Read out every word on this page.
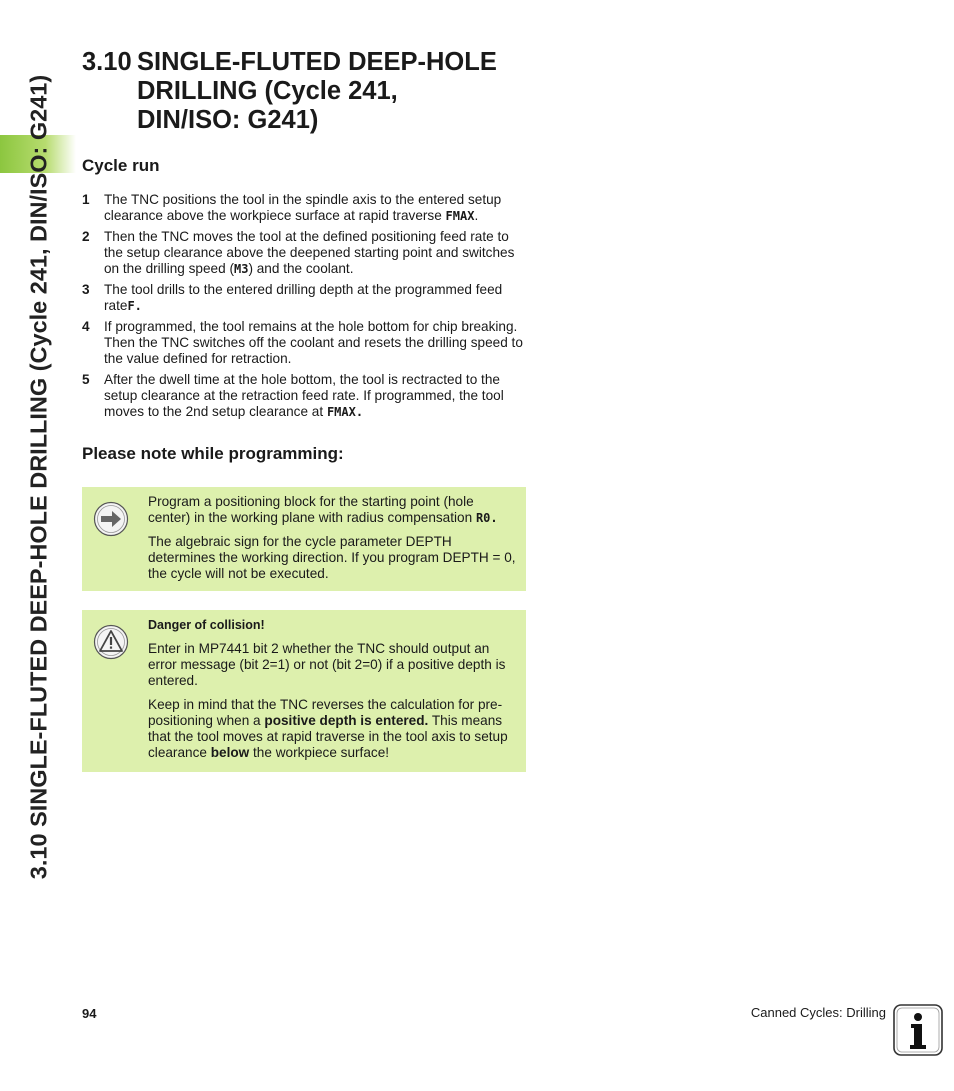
3.10 SINGLE-FLUTED DEEP-HOLE DRILLING (Cycle 241, DIN/ISO: G241)
3.10 SINGLE-FLUTED DEEP-HOLE
DRILLING (Cycle 241,
DIN/ISO: G241)
Cycle run
1 The TNC positions the tool in the spindle axis to the entered setup clearance above the workpiece surface at rapid traverse FMAX.
2 Then the TNC moves the tool at the defined positioning feed rate to the setup clearance above the deepened starting point and switches on the drilling speed (M3) and the coolant.
3 The tool drills to the entered drilling depth at the programmed feed rateF.
4 If programmed, the tool remains at the hole bottom for chip breaking. Then the TNC switches off the coolant and resets the drilling speed to the value defined for retraction.
5 After the dwell time at the hole bottom, the tool is rectracted to the setup clearance at the retraction feed rate. If programmed, the tool moves to the 2nd setup clearance at FMAX.
Please note while programming:

Program a positioning block for the starting point (hole center) in the working plane with radius compensation R0.

The algebraic sign for the cycle parameter DEPTH determines the working direction. If you program DEPTH = 0, the cycle will not be executed.

Danger of collision!

Enter in MP7441 bit 2 whether the TNC should output an error message (bit 2=1) or not (bit 2=0) if a positive depth is entered.

Keep in mind that the TNC reverses the calculation for pre-positioning when a positive depth is entered. This means that the tool moves at rapid traverse in the tool axis to setup clearance below the workpiece surface!

94	Canned Cycles: Drilling
